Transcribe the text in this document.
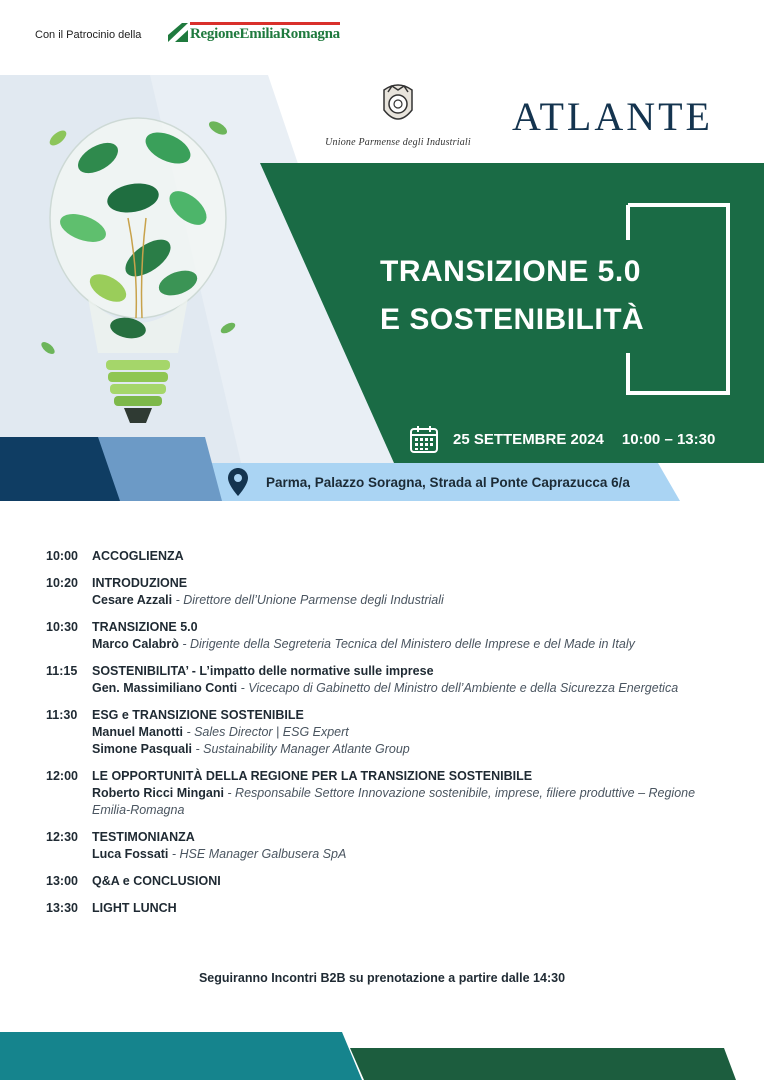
Con il Patrocinio della	RegioneEmiliaRomagna
Unione Parmense degli Industriali
ATLANTE
TRANSIZIONE 5.0
E SOSTENIBILITÀ
25 SETTEMBRE 2024 10:00 – 13:30
Parma, Palazzo Soragna, Strada al Ponte Caprazucca 6/a
10:00	ACCOGLIENZA
10:20	INTRODUZIONE
Cesare Azzali - Direttore dell’Unione Parmense degli Industriali
10:30	TRANSIZIONE 5.0
Marco Calabrò - Dirigente della Segreteria Tecnica del Ministero delle Imprese e del Made in Italy
11:15	SOSTENIBILITA’ - L’impatto delle normative sulle imprese
Gen. Massimiliano Conti - Vicecapo di Gabinetto del Ministro dell’Ambiente e della Sicurezza Energetica
11:30	ESG e TRANSIZIONE SOSTENIBILE
Manuel Manotti - Sales Director | ESG Expert
Simone Pasquali - Sustainability Manager Atlante Group
12:00	LE OPPORTUNITÀ DELLA REGIONE PER LA TRANSIZIONE SOSTENIBILE
Roberto Ricci Mingani - Responsabile Settore Innovazione sostenibile, imprese, filiere produttive – Regione Emilia-Romagna
12:30	TESTIMONIANZA
Luca Fossati - HSE Manager Galbusera SpA
13:00	Q&A e CONCLUSIONI
13:30	LIGHT LUNCH
Seguiranno Incontri B2B su prenotazione a partire dalle 14:30
